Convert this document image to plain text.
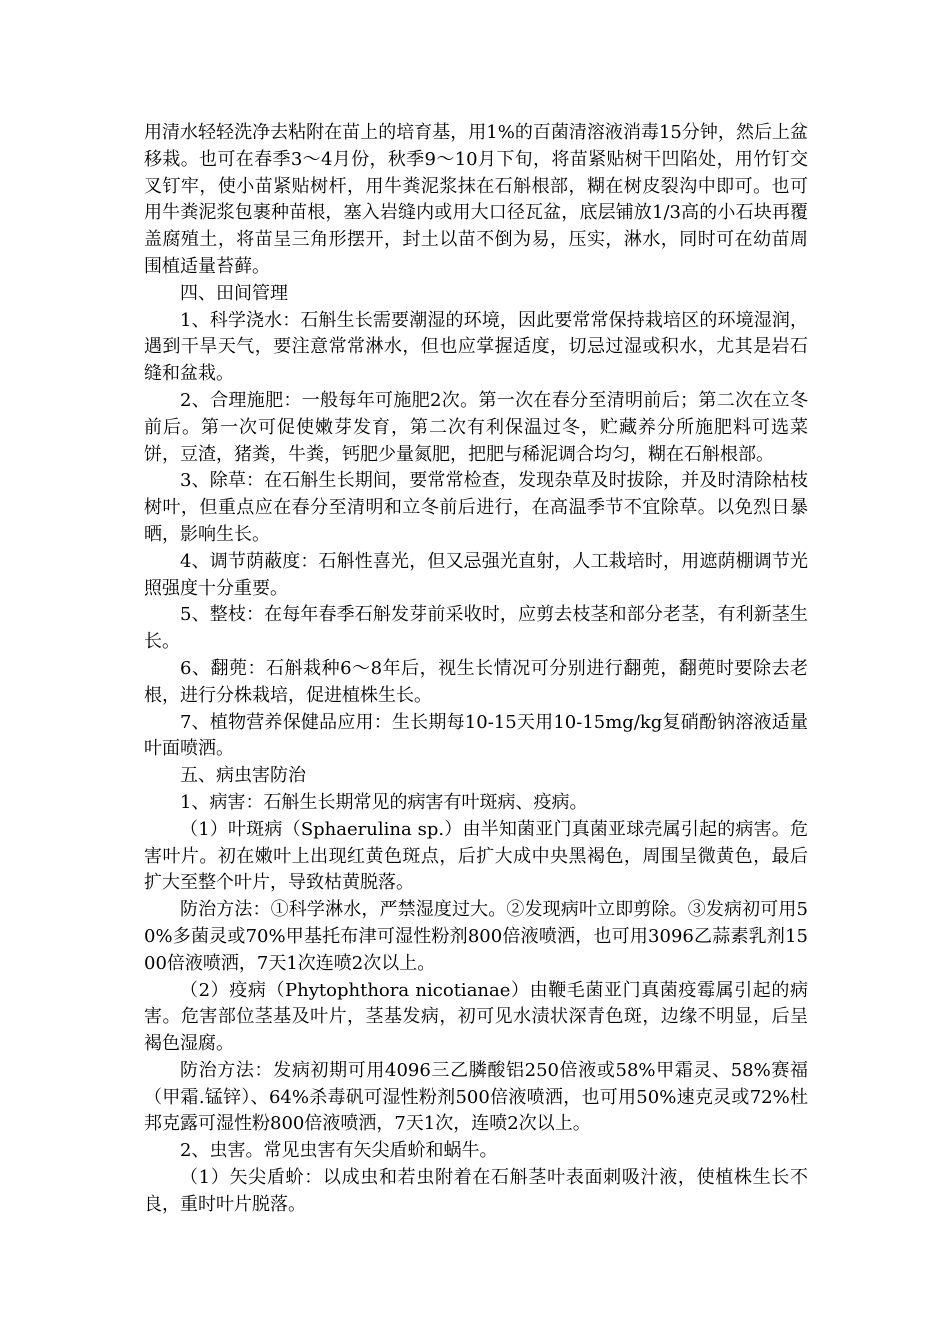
用清水轻轻洗净去粘附在苗上的培育基，用1%的百菌清溶液消毒15分钟，然后上盆移栽。也可在春季3～4月份，秋季9～10月下旬，将苗紧贴树干凹陷处，用竹钉交叉钉牢，使小苗紧贴树杆，用牛粪泥浆抹在石斛根部，糊在树皮裂沟中即可。也可用牛粪泥浆包裹种苗根，塞入岩缝内或用大口径瓦盆，底层铺放1/3高的小石块再覆盖腐殖土，将苗呈三角形摆开，封土以苗不倒为易，压实，淋水，同时可在幼苗周围植适量苔藓。

四、田间管理

1、科学浇水：石斛生长需要潮湿的环境，因此要常常保持栽培区的环境湿润，遇到干旱天气，要注意常常淋水，但也应掌握适度，切忌过湿或积水，尤其是岩石缝和盆栽。

2、合理施肥：一般每年可施肥2次。第一次在春分至清明前后；第二次在立冬前后。第一次可促使嫩芽发育，第二次有利保温过冬，贮藏养分所施肥料可选菜饼，豆渣，猪粪，牛粪，钙肥少量氮肥，把肥与稀泥调合均匀，糊在石斛根部。

3、除草：在石斛生长期间，要常常检查，发现杂草及时拔除，并及时清除枯枝树叶，但重点应在春分至清明和立冬前后进行，在高温季节不宜除草。以免烈日暴晒，影响生长。

4、调节荫蔽度：石斛性喜光，但又忌强光直射，人工栽培时，用遮荫棚调节光照强度十分重要。

5、整枝：在每年春季石斛发芽前采收时，应剪去枝茎和部分老茎，有利新茎生长。

6、翻蔸：石斛栽种6～8年后，视生长情况可分别进行翻蔸，翻蔸时要除去老根，进行分株栽培，促进植株生长。

7、植物营养保健品应用：生长期每10-15天用10-15mg/kg复硝酚钠溶液适量叶面喷洒。

五、病虫害防治

1、病害：石斛生长期常见的病害有叶斑病、疫病。

（1）叶斑病（Sphaerulina sp.）由半知菌亚门真菌亚球壳属引起的病害。危害叶片。初在嫩叶上出现红黄色斑点，后扩大成中央黑褐色，周围呈微黄色，最后扩大至整个叶片，导致枯黄脱落。

防治方法：①科学淋水，严禁湿度过大。②发现病叶立即剪除。③发病初可用50%多菌灵或70%甲基托布津可湿性粉剂800倍液喷洒，也可用3096乙蒜素乳剂1500倍液喷洒，7天1次连喷2次以上。

（2）疫病（Phytophthora nicotianae）由鞭毛菌亚门真菌疫霉属引起的病害。危害部位茎基及叶片，茎基发病，初可见水渍状深青色斑，边缘不明显，后呈褐色湿腐。

防治方法：发病初期可用4096三乙膦酸铝250倍液或58%甲霜灵、58%赛福（甲霜.锰锌）、64%杀毒矾可湿性粉剂500倍液喷洒，也可用50%速克灵或72%杜邦克露可湿性粉800倍液喷洒，7天1次，连喷2次以上。

2、虫害。常见虫害有矢尖盾蚧和蜗牛。

（1）矢尖盾蚧：以成虫和若虫附着在石斛茎叶表面刺吸汁液，使植株生长不良，重时叶片脱落。
